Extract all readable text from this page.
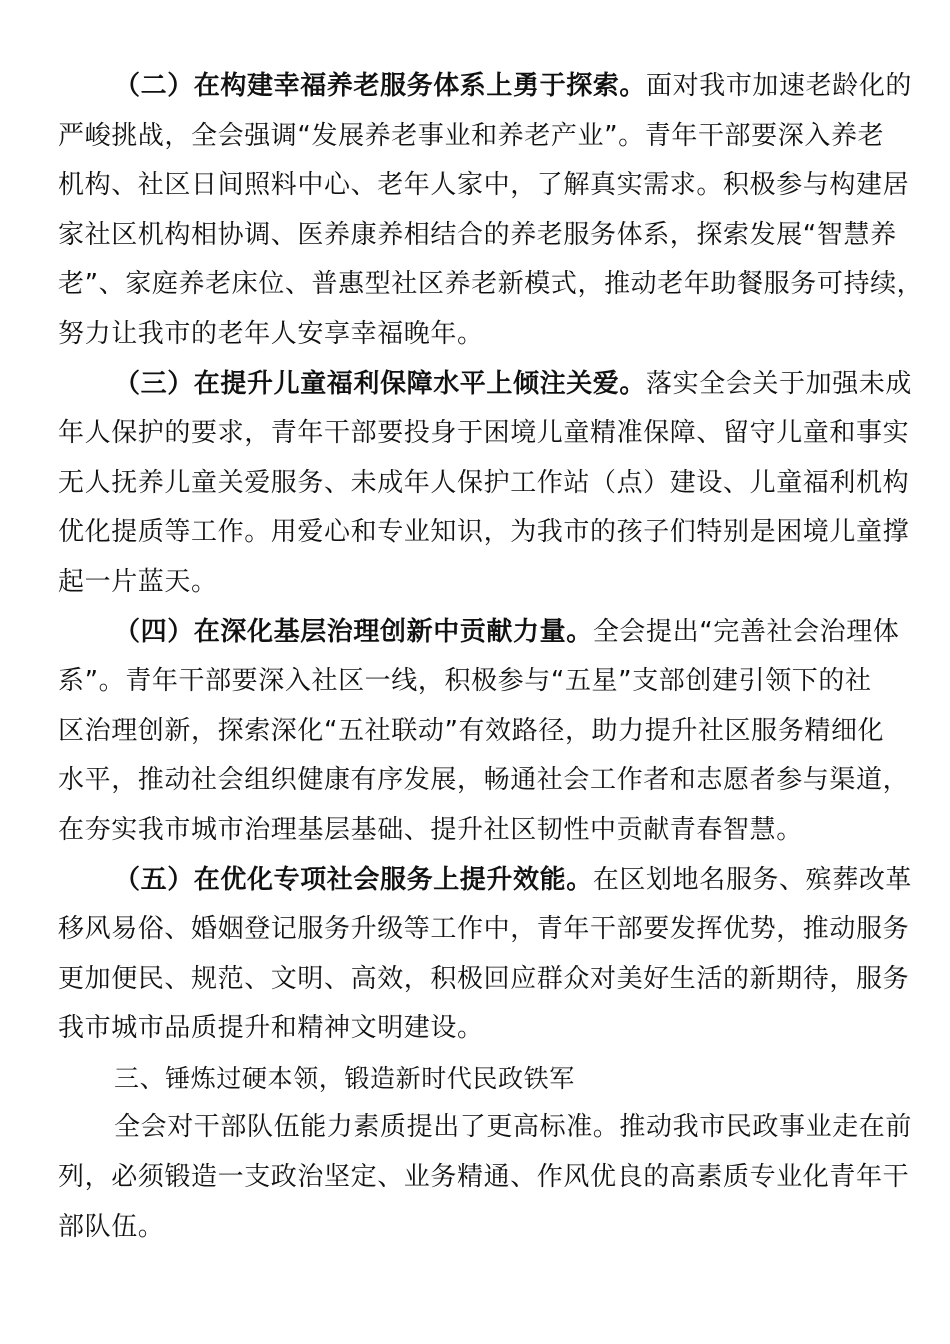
（二）在构建幸福养老服务体系上勇于探索。面对我市加速老龄化的
严峻挑战，全会强调“发展养老事业和养老产业”。青年干部要深入养老
机构、社区日间照料中心、老年人家中，了解真实需求。积极参与构建居
家社区机构相协调、医养康养相结合的养老服务体系，探索发展“智慧养
老”、家庭养老床位、普惠型社区养老新模式，推动老年助餐服务可持续，
努力让我市的老年人安享幸福晚年。
（三）在提升儿童福利保障水平上倾注关爱。落实全会关于加强未成
年人保护的要求，青年干部要投身于困境儿童精准保障、留守儿童和事实
无人抚养儿童关爱服务、未成年人保护工作站（点）建设、儿童福利机构
优化提质等工作。用爱心和专业知识，为我市的孩子们特别是困境儿童撑
起一片蓝天。
（四）在深化基层治理创新中贡献力量。全会提出“完善社会治理体
系”。青年干部要深入社区一线，积极参与“五星”支部创建引领下的社
区治理创新，探索深化“五社联动”有效路径，助力提升社区服务精细化
水平，推动社会组织健康有序发展，畅通社会工作者和志愿者参与渠道，
在夯实我市城市治理基层基础、提升社区韧性中贡献青春智慧。
（五）在优化专项社会服务上提升效能。在区划地名服务、殡葬改革
移风易俗、婚姻登记服务升级等工作中，青年干部要发挥优势，推动服务
更加便民、规范、文明、高效，积极回应群众对美好生活的新期待，服务
我市城市品质提升和精神文明建设。
三、锤炼过硬本领，锻造新时代民政铁军
全会对干部队伍能力素质提出了更高标准。推动我市民政事业走在前
列，必须锻造一支政治坚定、业务精通、作风优良的高素质专业化青年干
部队伍。
